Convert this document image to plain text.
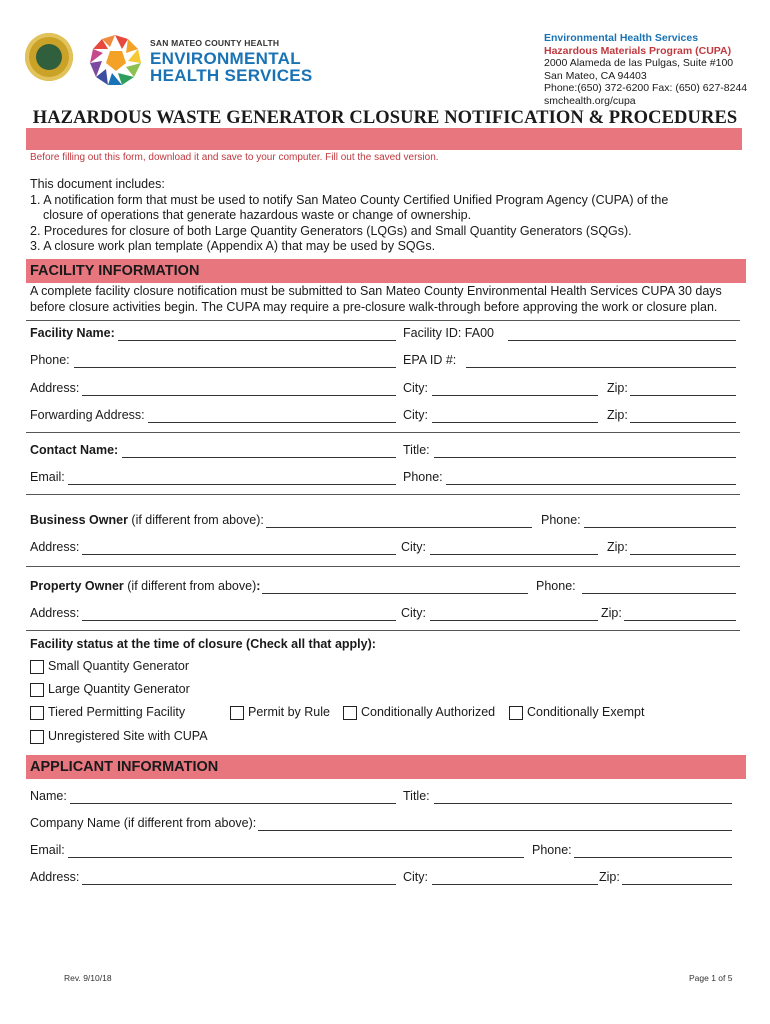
SAN MATEO COUNTY HEALTH
ENVIRONMENTAL
HEALTH SERVICES
Environmental Health Services
Hazardous Materials Program (CUPA)
2000 Alameda de las Pulgas, Suite #100
San Mateo, CA 94403
Phone:(650) 372-6200 Fax: (650) 627-8244
smchealth.org/cupa
HAZARDOUS WASTE GENERATOR CLOSURE NOTIFICATION & PROCEDURES
Before filling out this form, download it and save to your computer. Fill out the saved version.
This document includes:
1. A notification form that must be used to notify San Mateo County Certified Unified Program Agency (CUPA) of the
closure of operations that generate hazardous waste or change of ownership.
2. Procedures for closure of both Large Quantity Generators (LQGs) and Small Quantity Generators (SQGs).
3. A closure work plan template (Appendix A) that may be used by SQGs.
FACILITY INFORMATION
A complete facility closure notification must be submitted to San Mateo County Environmental Health Services CUPA 30 days
before closure activities begin. The CUPA may require a pre-closure walk-through before approving the work or closure plan.
Facility Name:	Facility ID: FA00
Phone:	EPA ID #:
Address:	City:	Zip:
Forwarding Address:	City:	Zip:
Contact Name:	Title:
Email:	Phone:
Business Owner (if different from above):	Phone:
Address:	City:	Zip:
Property Owner (if different from above):	Phone:
Address:	City:	Zip:
Facility status at the time of closure (Check all that apply):
Small Quantity Generator
Large Quantity Generator
Tiered Permitting Facility	Permit by Rule Conditionally Authorized	Conditionally Exempt
Unregistered Site with CUPA
APPLICANT INFORMATION
Name:	Title:
Company Name (if different from above):
Email:	Phone:
Address:	City:	Zip:
Rev. 9/10/18	Page 1 of 5
